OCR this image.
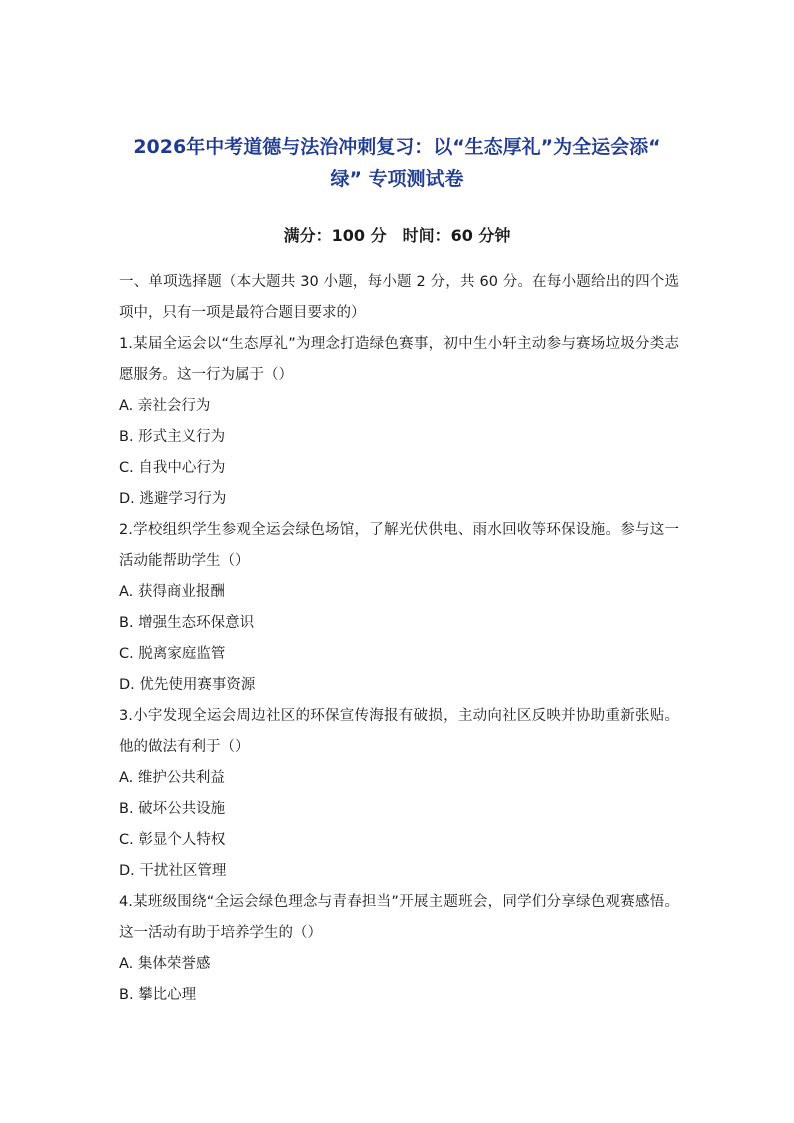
2026年中考道德与法治冲刺复习：以“生态厚礼”为全运会添“
绿” 专项测试卷

满分：100 分　时间：60 分钟

一、单项选择题（本大题共 30 小题，每小题 2 分，共 60 分。在每小题给出的四个选项中，只有一项是最符合题目要求的）

1.某届全运会以“生态厚礼”为理念打造绿色赛事，初中生小轩主动参与赛场垃圾分类志愿服务。这一行为属于（）

A. 亲社会行为

B. 形式主义行为

C. 自我中心行为

D. 逃避学习行为

2.学校组织学生参观全运会绿色场馆，了解光伏供电、雨水回收等环保设施。参与这一活动能帮助学生（）

A. 获得商业报酬

B. 增强生态环保意识

C. 脱离家庭监管

D. 优先使用赛事资源

3.小宇发现全运会周边社区的环保宣传海报有破损，主动向社区反映并协助重新张贴。他的做法有利于（）

A. 维护公共利益

B. 破坏公共设施

C. 彰显个人特权

D. 干扰社区管理

4.某班级围绕“全运会绿色理念与青春担当”开展主题班会，同学们分享绿色观赛感悟。这一活动有助于培养学生的（）

A. 集体荣誉感

B. 攀比心理
